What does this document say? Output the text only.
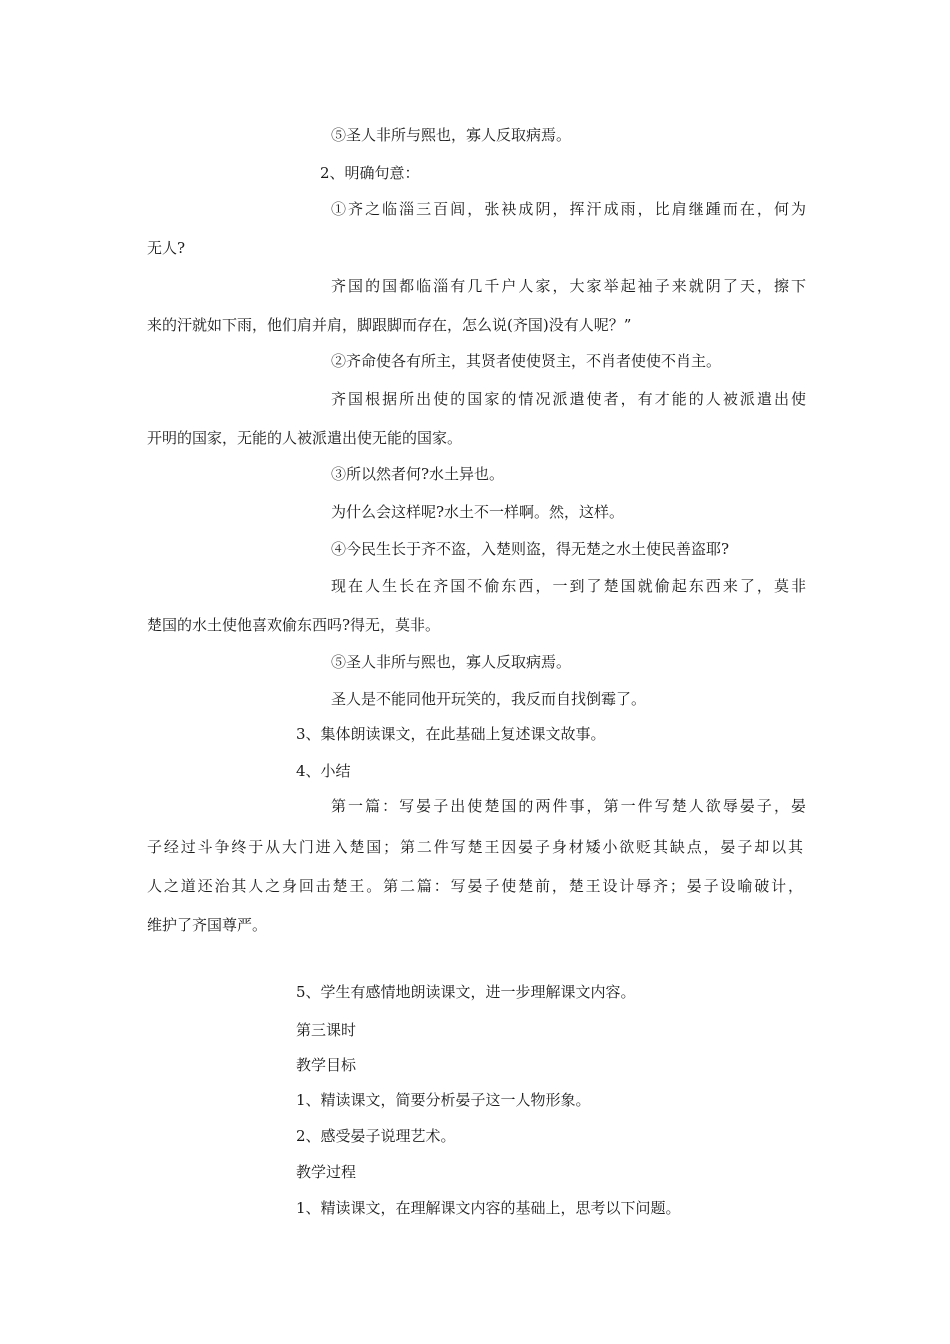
⑤圣人非所与熙也，寡人反取病焉。

2、明确句意：

①齐之临淄三百闾，张袂成阴，挥汗成雨，比肩继踵而在，何为

无人?

齐国的国都临淄有几千户人家，大家举起袖子来就阴了天，擦下

来的汗就如下雨，他们肩并肩，脚跟脚而存在，怎么说(齐国)没有人呢？”

②齐命使各有所主，其贤者使使贤主，不肖者使使不肖主。

齐国根据所出使的国家的情况派遣使者，有才能的人被派遣出使

开明的国家，无能的人被派遣出使无能的国家。

③所以然者何?水土异也。

为什么会这样呢?水土不一样啊。然，这样。

④今民生长于齐不盗，入楚则盗，得无楚之水土使民善盗耶?

现在人生长在齐国不偷东西，一到了楚国就偷起东西来了，莫非

楚国的水土使他喜欢偷东西吗?得无，莫非。

⑤圣人非所与熙也，寡人反取病焉。

圣人是不能同他开玩笑的，我反而自找倒霉了。

3、集体朗读课文，在此基础上复述课文故事。

4、小结

第一篇：写晏子出使楚国的两件事，第一件写楚人欲辱晏子，晏

子经过斗争终于从大门进入楚国；第二件写楚王因晏子身材矮小欲贬其缺点，晏子却以其

人之道还治其人之身回击楚王。第二篇：写晏子使楚前，楚王设计辱齐；晏子设喻破计，

维护了齐国尊严。

5、学生有感情地朗读课文，进一步理解课文内容。

第三课时

教学目标

1、精读课文，简要分析晏子这一人物形象。

2、感受晏子说理艺术。

教学过程

1、精读课文，在理解课文内容的基础上，思考以下问题。
